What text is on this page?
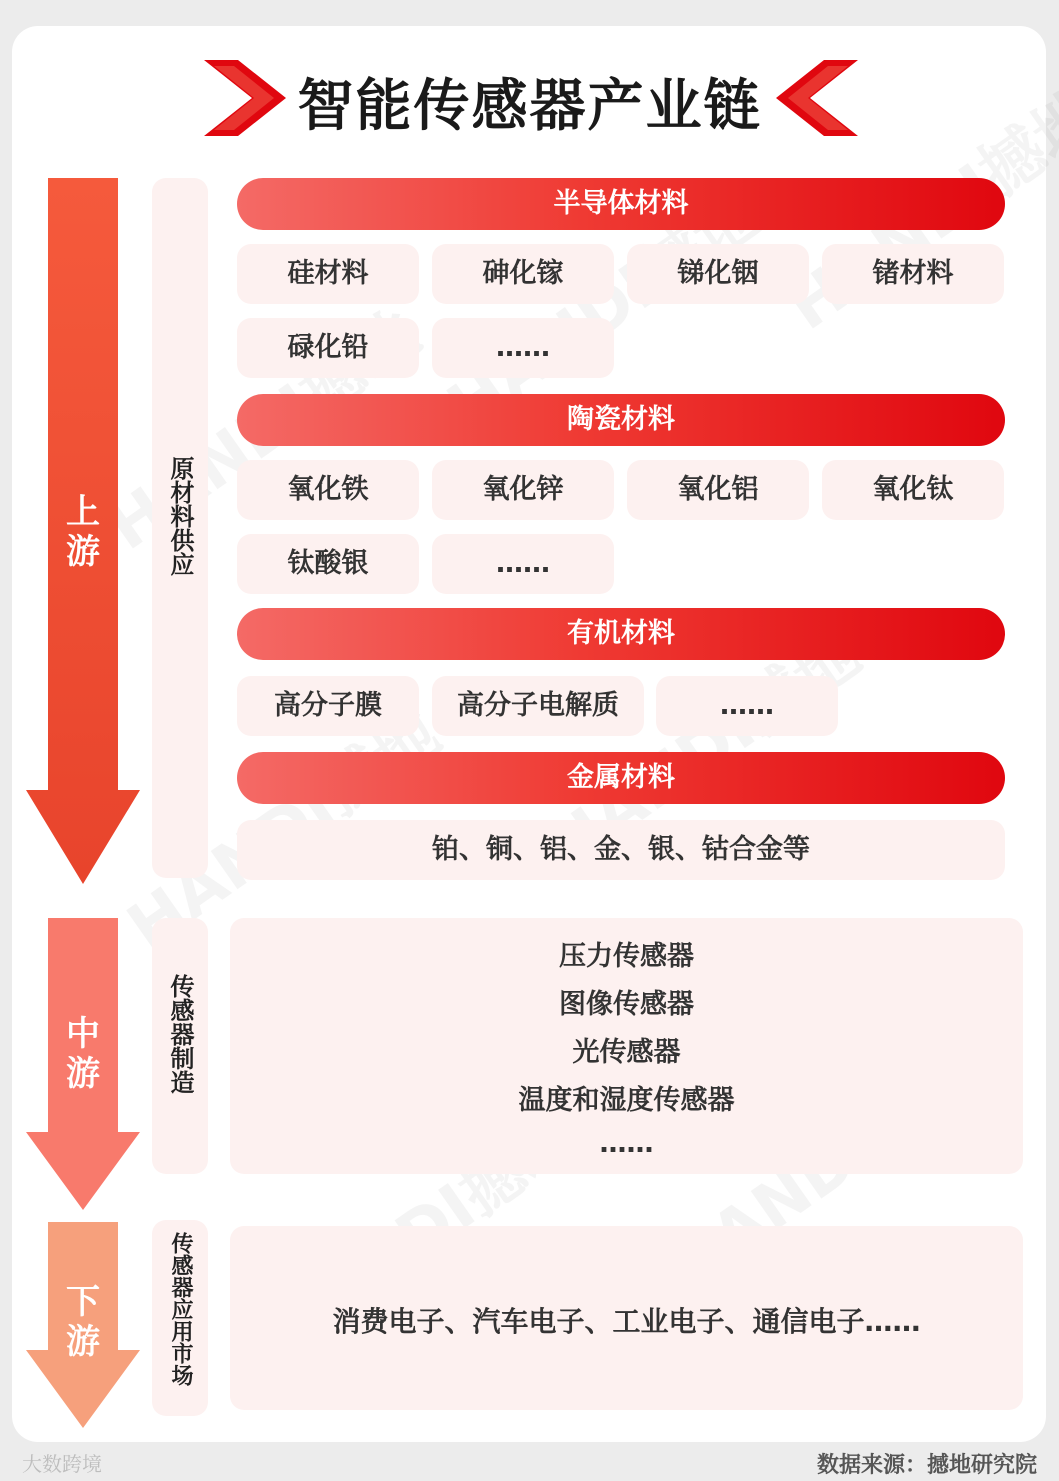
智能传感器产业链
上游
中游
下游
原材料供应
传感器制造
传感器应用市场
半导体材料
硅材料	砷化镓	锑化铟	锗材料
碌化铅	……
陶瓷材料
氧化铁	氧化锌	氧化铝	氧化钛
钛酸银	……
有机材料
高分子膜	高分子电解质	……
金属材料
铂、铜、铝、金、银、钴合金等
压力传感器
图像传感器
光传感器
温度和湿度传感器
……
消费电子、汽车电子、工业电子、通信电子……
大数跨境	数据来源：撼地研究院
